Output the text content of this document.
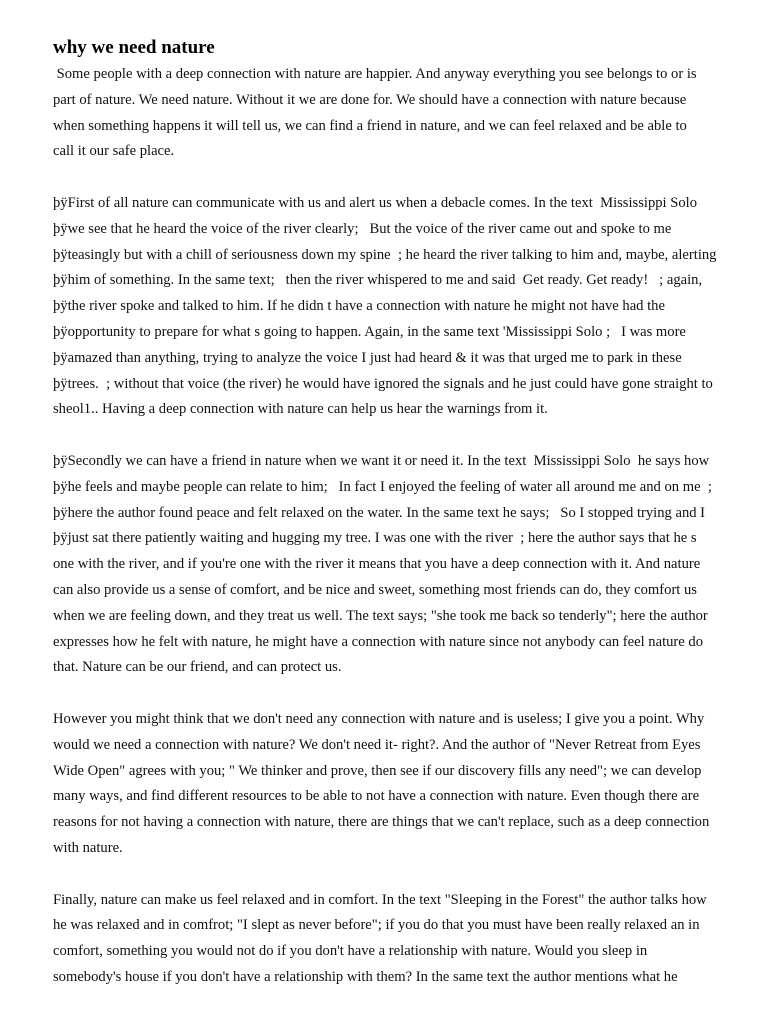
why we need nature

Some people with a deep connection with nature are happier. And anyway everything you see belongs to or is
part of nature. We need nature. Without it we are done for. We should have a connection with nature because
when something happens it will tell us, we can find a friend in nature, and we can feel relaxed and be able to
call it our safe place.

þÿFirst of all nature can communicate with us and alert us when a debacle comes. In the text  Mississippi Solo
þÿwe see that he heard the voice of the river clearly;   But the voice of the river came out and spoke to me
þÿteasingly but with a chill of seriousness down my spine  ; he heard the river talking to him and, maybe, alerting
þÿhim of something. In the same text;   then the river whispered to me and said  Get ready. Get ready!   ; again,
þÿthe river spoke and talked to him. If he didn t have a connection with nature he might not have had the
þÿopportunity to prepare for what s going to happen. Again, in the same text 'Mississippi Solo ;   I was more
þÿamazed than anything, trying to analyze the voice I just had heard & it was that urged me to park in these
þÿtrees.  ; without that voice (the river) he would have ignored the signals and he just could have gone straight to
sheol1.. Having a deep connection with nature can help us hear the warnings from it.

þÿSecondly we can have a friend in nature when we want it or need it. In the text  Mississippi Solo  he says how
þÿhe feels and maybe people can relate to him;   In fact I enjoyed the feeling of water all around me and on me  ;
þÿhere the author found peace and felt relaxed on the water. In the same text he says;   So I stopped trying and I
þÿjust sat there patiently waiting and hugging my tree. I was one with the river  ; here the author says that he s
one with the river, and if you're one with the river it means that you have a deep connection with it. And nature
can also provide us a sense of comfort, and be nice and sweet, something most friends can do, they comfort us
when we are feeling down, and they treat us well. The text says; "she took me back so tenderly"; here the author
expresses how he felt with nature, he might have a connection with nature since not anybody can feel nature do
that. Nature can be our friend, and can protect us.

However you might think that we don't need any connection with nature and is useless; I give you a point. Why
would we need a connection with nature? We don't need it- right?. And the author of "Never Retreat from Eyes
Wide Open" agrees with you; " We thinker and prove, then see if our discovery fills any need"; we can develop
many ways, and find different resources to be able to not have a connection with nature. Even though there are
reasons for not having a connection with nature, there are things that we can't replace, such as a deep connection
with nature.

Finally, nature can make us feel relaxed and in comfort. In the text "Sleeping in the Forest" the author talks how
he was relaxed and in comfrot; "I slept as never before"; if you do that you must have been really relaxed an in
comfort, something you would not do if you don't have a relationship with nature. Would you sleep in
somebody's house if you don't have a relationship with them? In the same text the author mentions what he
